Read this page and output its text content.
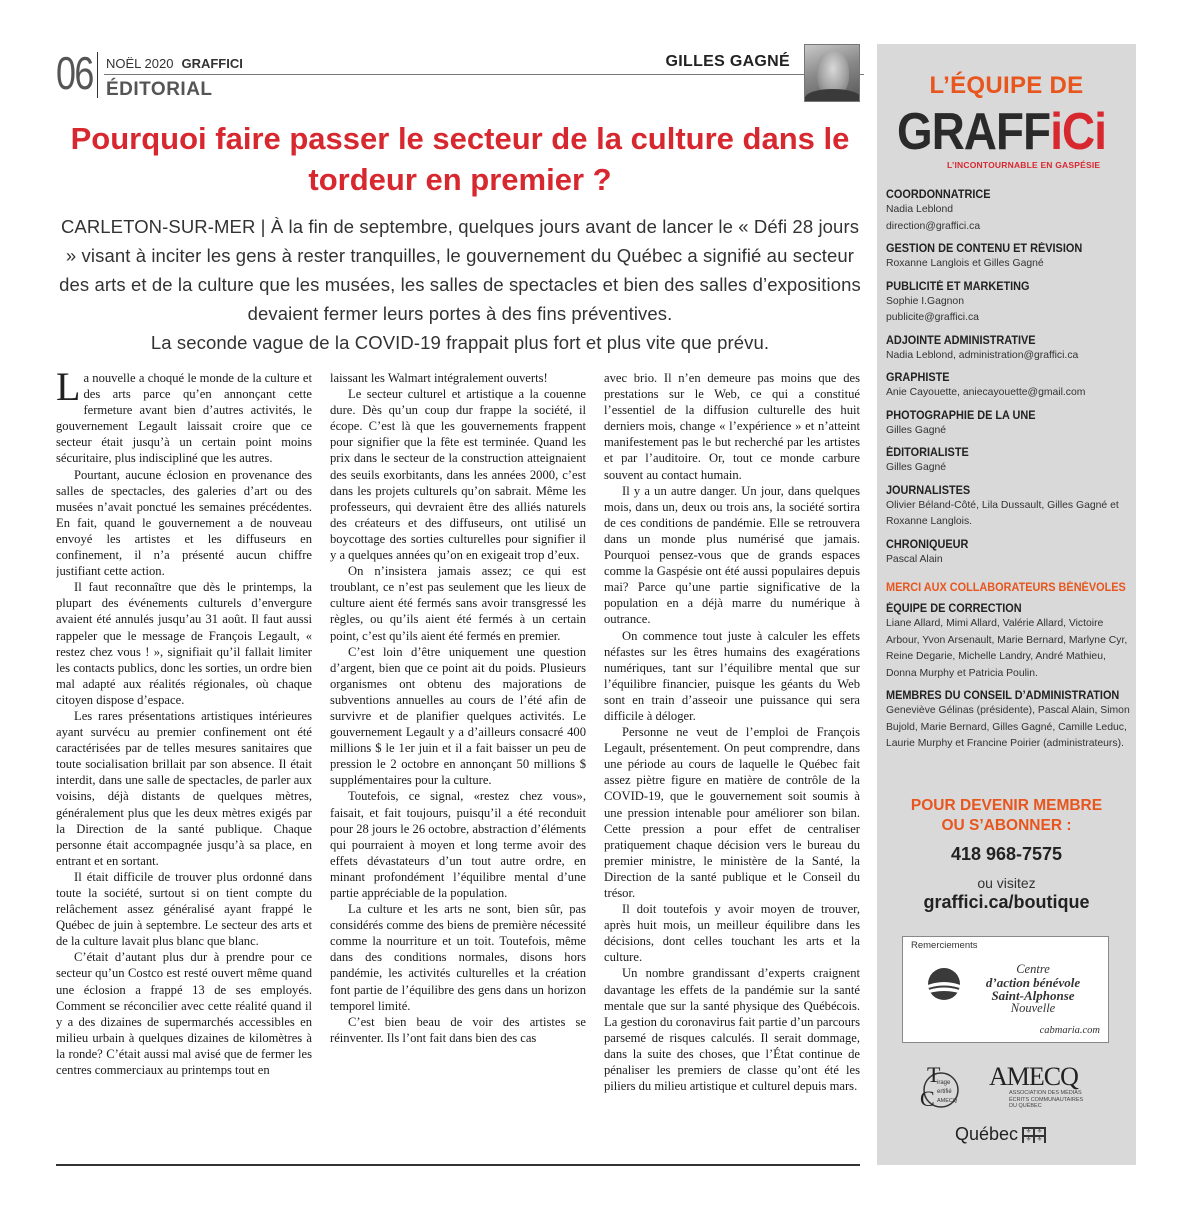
06 NOËL 2020 GRAFFICI
ÉDITORIAL
GILLES GAGNÉ
Pourquoi faire passer le secteur de la culture dans le tordeur en premier ?
CARLETON-SUR-MER | À la fin de septembre, quelques jours avant de lancer le « Défi 28 jours » visant à inciter les gens à rester tranquilles, le gouvernement du Québec a signifié au secteur des arts et de la culture que les musées, les salles de spectacles et bien des salles d’expositions devaient fermer leurs portes à des fins préventives.
La seconde vague de la COVID-19 frappait plus fort et plus vite que prévu.

La nouvelle a choqué le monde de la culture et des arts parce qu’en annonçant cette fermeture avant bien d’autres activités, le gouvernement Legault laissait croire que ce secteur était jusqu’à un certain point moins sécuritaire, plus indiscipliné que les autres.

Pourtant, aucune éclosion en provenance des salles de spectacles, des galeries d’art ou des musées n’avait ponctué les semaines précédentes. En fait, quand le gouvernement a de nouveau envoyé les artistes et les diffuseurs en confinement, il n’a présenté aucun chiffre justifiant cette action.

Il faut reconnaître que dès le printemps, la plupart des événements culturels d’envergure avaient été annulés jusqu’au 31 août. Il faut aussi rappeler que le message de François Legault, « restez chez vous ! », signifiait qu’il fallait limiter les contacts publics, donc les sorties, un ordre bien mal adapté aux réalités régionales, où chaque citoyen dispose d’espace.

Les rares présentations artistiques intérieures ayant survécu au premier confinement ont été caractérisées par de telles mesures sanitaires que toute socialisation brillait par son absence. Il était interdit, dans une salle de spectacles, de parler aux voisins, déjà distants de quelques mètres, généralement plus que les deux mètres exigés par la Direction de la santé publique. Chaque personne était accompagnée jusqu’à sa place, en entrant et en sortant.

Il était difficile de trouver plus ordonné dans toute la société, surtout si on tient compte du relâchement assez généralisé ayant frappé le Québec de juin à septembre. Le secteur des arts et de la culture lavait plus blanc que blanc.

C’était d’autant plus dur à prendre pour ce secteur qu’un Costco est resté ouvert même quand une éclosion a frappé 13 de ses employés. Comment se réconcilier avec cette réalité quand il y a des dizaines de supermarchés accessibles en milieu urbain à quelques dizaines de kilomètres à la ronde? C’était aussi mal avisé que de fermer les centres commerciaux au printemps tout en

laissant les Walmart intégralement ouverts!

Le secteur culturel et artistique a la couenne dure. Dès qu’un coup dur frappe la société, il écope. C’est là que les gouvernements frappent pour signifier que la fête est terminée. Quand les prix dans le secteur de la construction atteignaient des seuils exorbitants, dans les années 2000, c’est dans les projets culturels qu’on sabrait. Même les professeurs, qui devraient être des alliés naturels des créateurs et des diffuseurs, ont utilisé un boycottage des sorties culturelles pour signifier il y a quelques années qu’on en exigeait trop d’eux.

On n’insistera jamais assez; ce qui est troublant, ce n’est pas seulement que les lieux de culture aient été fermés sans avoir transgressé les règles, ou qu’ils aient été fermés à un certain point, c’est qu’ils aient été fermés en premier.

C’est loin d’être uniquement une question d’argent, bien que ce point ait du poids. Plusieurs organismes ont obtenu des majorations de subventions annuelles au cours de l’été afin de survivre et de planifier quelques activités. Le gouvernement Legault y a d’ailleurs consacré 400 millions $ le 1er juin et il a fait baisser un peu de pression le 2 octobre en annonçant 50 millions $ supplémentaires pour la culture.

Toutefois, ce signal, «restez chez vous», faisait, et fait toujours, puisqu’il a été reconduit pour 28 jours le 26 octobre, abstraction d’éléments qui pourraient à moyen et long terme avoir des effets dévastateurs d’un tout autre ordre, en minant profondément l’équilibre mental d’une partie appréciable de la population.

La culture et les arts ne sont, bien sûr, pas considérés comme des biens de première nécessité comme la nourriture et un toit. Toutefois, même dans des conditions normales, disons hors pandémie, les activités culturelles et la création font partie de l’équilibre des gens dans un horizon temporel limité.

C’est bien beau de voir des artistes se réinventer. Ils l’ont fait dans bien des cas

avec brio. Il n’en demeure pas moins que des prestations sur le Web, ce qui a constitué l’essentiel de la diffusion culturelle des huit derniers mois, change « l’expérience » et n’atteint manifestement pas le but recherché par les artistes et par l’auditoire. Or, tout ce monde carbure souvent au contact humain.

Il y a un autre danger. Un jour, dans quelques mois, dans un, deux ou trois ans, la société sortira de ces conditions de pandémie. Elle se retrouvera dans un monde plus numérisé que jamais. Pourquoi pensez-vous que de grands espaces comme la Gaspésie ont été aussi populaires depuis mai? Parce qu’une partie significative de la population en a déjà marre du numérique à outrance.

On commence tout juste à calculer les effets néfastes sur les êtres humains des exagérations numériques, tant sur l’équilibre mental que sur l’équilibre financier, puisque les géants du Web sont en train d’asseoir une puissance qui sera difficile à déloger.

Personne ne veut de l’emploi de François Legault, présentement. On peut comprendre, dans une période au cours de laquelle le Québec fait assez piètre figure en matière de contrôle de la COVID-19, que le gouvernement soit soumis à une pression intenable pour améliorer son bilan. Cette pression a pour effet de centraliser pratiquement chaque décision vers le bureau du premier ministre, le ministère de la Santé, la Direction de la santé publique et le Conseil du trésor.

Il doit toutefois y avoir moyen de trouver, après huit mois, un meilleur équilibre dans les décisions, dont celles touchant les arts et la culture.

Un nombre grandissant d’experts craignent davantage les effets de la pandémie sur la santé mentale que sur la santé physique des Québécois. La gestion du coronavirus fait partie d’un parcours parsemé de risques calculés. Il serait dommage, dans la suite des choses, que l’État continue de pénaliser les premiers de classe qu’ont été les piliers du milieu artistique et culturel depuis mars.

L’ÉQUIPE DE
GRAFFiCi
L’INCONTOURNABLE EN GASPÉSIE
COORDONNATRICE
Nadia Leblond
direction@graffici.ca
GESTION DE CONTENU ET RÉVISION
Roxanne Langlois et Gilles Gagné
PUBLICITÉ ET MARKETING
Sophie I.Gagnon
publicite@graffici.ca
ADJOINTE ADMINISTRATIVE
Nadia Leblond, administration@graffici.ca
GRAPHISTE
Anie Cayouette, aniecayouette@gmail.com
PHOTOGRAPHIE DE LA UNE
Gilles Gagné
ÉDITORIALISTE
Gilles Gagné
JOURNALISTES
Olivier Béland-Côté, Lila Dussault, Gilles Gagné et Roxanne Langlois.
CHRONIQUEUR
Pascal Alain
MERCI AUX COLLABORATEURS BÉNÉVOLES
ÉQUIPE DE CORRECTION
Liane Allard, Mimi Allard, Valérie Allard, Victoire Arbour, Yvon Arsenault, Marie Bernard, Marlyne Cyr, Reine Degarie, Michelle Landry, André Mathieu, Donna Murphy et Patricia Poulin.
MEMBRES DU CONSEIL D’ADMINISTRATION
Geneviève Gélinas (présidente), Pascal Alain, Simon Bujold, Marie Bernard, Gilles Gagné, Camille Leduc, Laurie Murphy et Francine Poirier (administrateurs).
POUR DEVENIR MEMBRE
OU S’ABONNER :
418 968-7575
ou visitez
graffici.ca/boutique
Remerciements
Centre
d’action bénévole
Saint-Alphonse
Nouvelle
cabmaria.com
T
C
irage
ertifié
AMECQ
AMECQ
ASSOCIATION DES MÉDIAS ÉCRITS COMMUNAUTAIRES DU QUÉBEC
Québec ⚜ ⚜
⚜ ⚜
